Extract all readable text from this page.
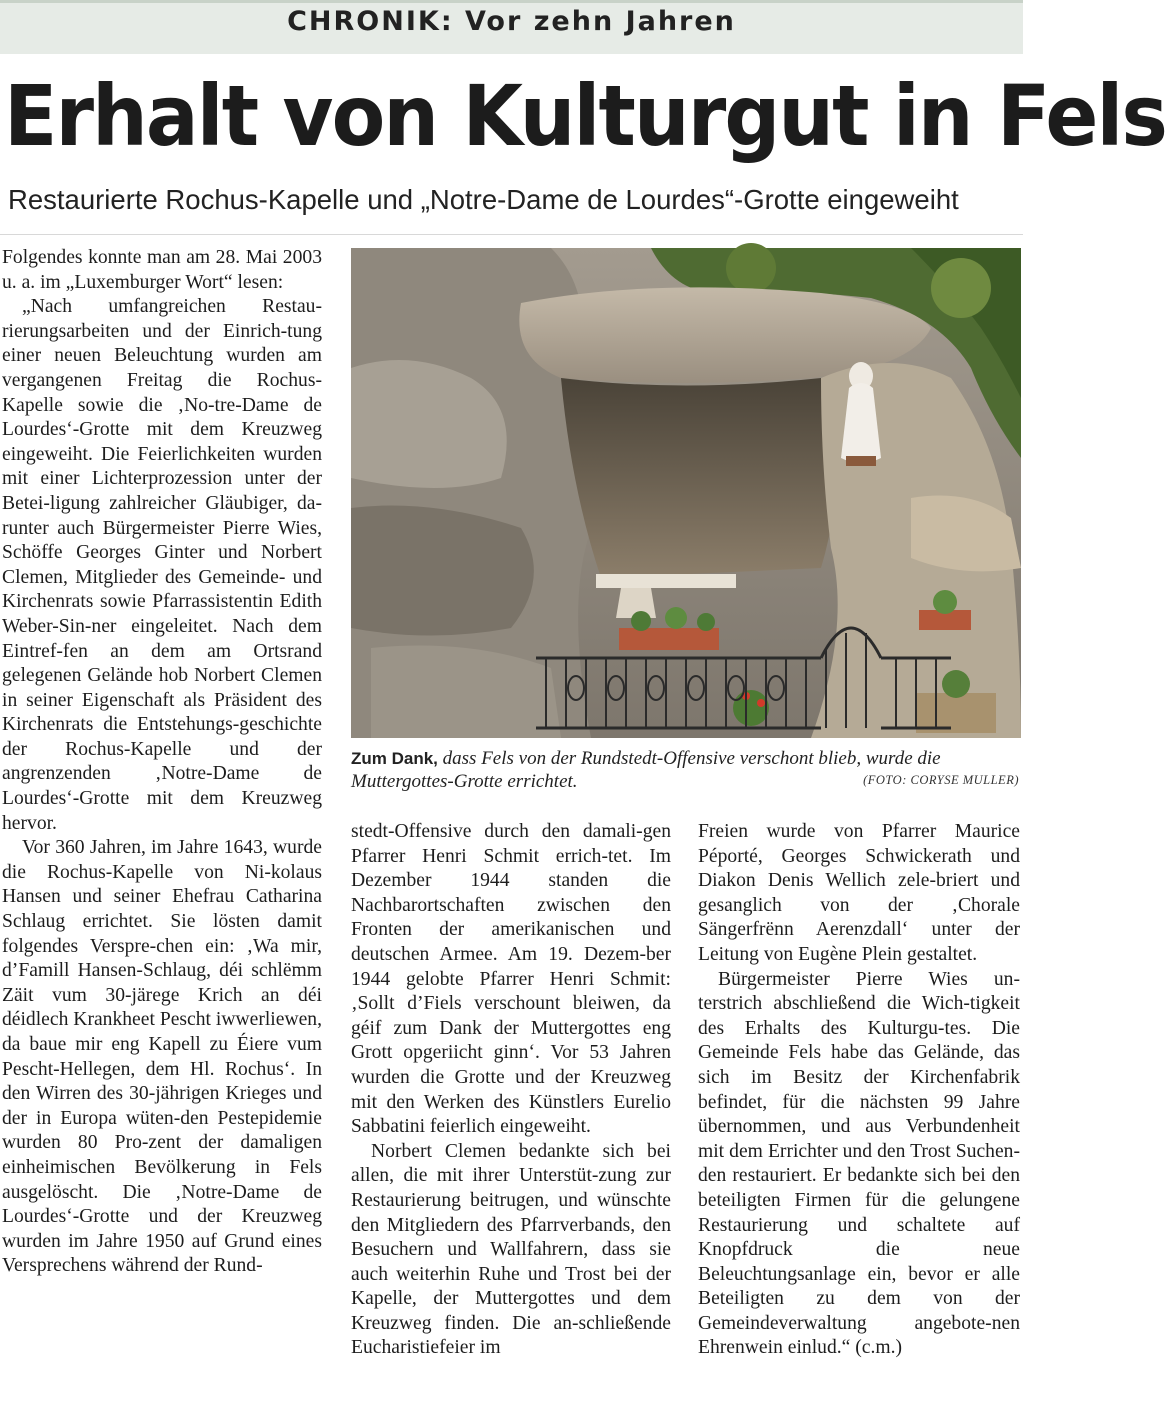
CHRONIK: Vor zehn Jahren
Erhalt von Kulturgut in Fels
Restaurierte Rochus-Kapelle und „Notre-Dame de Lourdes“-Grotte eingeweiht

Folgendes konnte man am 28. Mai 2003 u. a. im „Luxemburger Wort“ lesen:

„Nach umfangreichen Restau-rierungsarbeiten und der Einrich-tung einer neuen Beleuchtung wurden am vergangenen Freitag die Rochus-Kapelle sowie die ‚No-tre-Dame de Lourdes‘-Grotte mit dem Kreuzweg eingeweiht. Die Feierlichkeiten wurden mit einer Lichterprozession unter der Betei-ligung zahlreicher Gläubiger, da-runter auch Bürgermeister Pierre Wies, Schöffe Georges Ginter und Norbert Clemen, Mitglieder des Gemeinde- und Kirchenrats sowie Pfarrassistentin Edith Weber-Sin-ner eingeleitet. Nach dem Eintref-fen an dem am Ortsrand gelegenen Gelände hob Norbert Clemen in seiner Eigenschaft als Präsident des Kirchenrats die Entstehungs-geschichte der Rochus-Kapelle und der angrenzenden ‚Notre-Dame de Lourdes‘-Grotte mit dem Kreuzweg hervor.

Vor 360 Jahren, im Jahre 1643, wurde die Rochus-Kapelle von Ni-kolaus Hansen und seiner Ehefrau Catharina Schlaug errichtet. Sie lösten damit folgendes Verspre-chen ein: ‚Wa mir, d’Famill Hansen-Schlaug, déi schlëmm Zäit vum 30-järege Krich an déi déidlech Krankheet Pescht iwwerliewen, da baue mir eng Kapell zu Éiere vum Pescht-Hellegen, dem Hl. Rochus‘. In den Wirren des 30-jährigen Krieges und der in Europa wüten-den Pestepidemie wurden 80 Pro-zent der damaligen einheimischen Bevölkerung in Fels ausgelöscht. Die ‚Notre-Dame de Lourdes‘-Grotte und der Kreuzweg wurden im Jahre 1950 auf Grund eines Versprechens während der Rund-

Zum Dank, dass Fels von der Rundstedt-Offensive verschont blieb, wurde die Muttergottes-Grotte errichtet.	(FOTO: CORYSE MULLER)

stedt-Offensive durch den damali-gen Pfarrer Henri Schmit errich-tet. Im Dezember 1944 standen die Nachbarortschaften zwischen den Fronten der amerikanischen und deutschen Armee. Am 19. Dezem-ber 1944 gelobte Pfarrer Henri Schmit: ‚Sollt d’Fiels verschount bleiwen, da géif zum Dank der Muttergottes eng Grott opgeriicht ginn‘. Vor 53 Jahren wurden die Grotte und der Kreuzweg mit den Werken des Künstlers Eurelio Sabbatini feierlich eingeweiht.

Norbert Clemen bedankte sich bei allen, die mit ihrer Unterstüt-zung zur Restaurierung beitrugen, und wünschte den Mitgliedern des Pfarrverbands, den Besuchern und Wallfahrern, dass sie auch weiterhin Ruhe und Trost bei der Kapelle, der Muttergottes und dem Kreuzweg finden. Die an-schließende Eucharistiefeier im

Freien wurde von Pfarrer Maurice Péporté, Georges Schwickerath und Diakon Denis Wellich zele-briert und gesanglich von der ‚Chorale Sängerfrënn Aerenzdall‘ unter der Leitung von Eugène Plein gestaltet.

Bürgermeister Pierre Wies un-terstrich abschließend die Wich-tigkeit des Erhalts des Kulturgu-tes. Die Gemeinde Fels habe das Gelände, das sich im Besitz der Kirchenfabrik befindet, für die nächsten 99 Jahre übernommen, und aus Verbundenheit mit dem Errichter und den Trost Suchen-den restauriert. Er bedankte sich bei den beteiligten Firmen für die gelungene Restaurierung und schaltete auf Knopfdruck die neue Beleuchtungsanlage ein, bevor er alle Beteiligten zu dem von der Gemeindeverwaltung angebote-nen Ehrenwein einlud.“ (c.m.)
